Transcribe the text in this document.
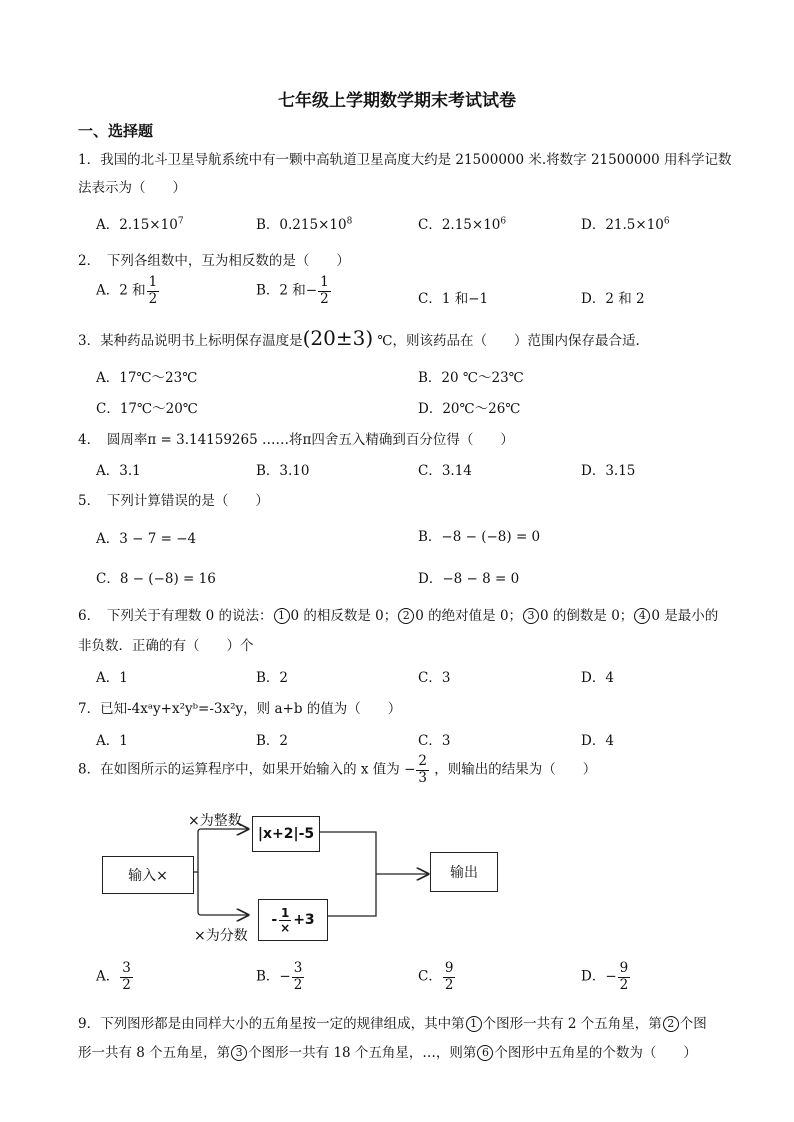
七年级上学期数学期末考试试卷
一、选择题
1．我国的北斗卫星导航系统中有一颗中高轨道卫星高度大约是 21500000 米.将数字 21500000 用科学记数
法表示为（　　）
A．$2.15\times 10^7$	B．$0.215\times 10^8$	C．$2.15\times 10^6$	D．$21.5\times 10^6$
2．　下列各组数中，互为相反数的是（　　）
A．2 和 $\frac{1}{2}$	B．2 和− $\frac{1}{2}$	C．1 和−1	D．2 和 2
3．某种药品说明书上标明保存温度是(20±3) ℃，则该药品在（　　）范围内保存最合适.
A．17℃～23℃	B．20 ℃～23℃
C．17℃～20℃	D．20℃～26℃
4．　圆周率π = 3.14159265 ……将π四舍五入精确到百分位得（　　）
A．3.1	B．3.10	C．3.14	D．3.15
5．　下列计算错误的是（　　）
A．3 − 7 = −4	B．−8 − (−8) = 0
C．8 − (−8) = 16	D．−8 − 8 = 0
6．　下列关于有理数 0 的说法： 1 0 的相反数是 0； 2 0 的绝对值是 0； 3 0 的倒数是 0； 4 0 是最小的
非负数．正确的有（　　）个
A．1	B．2	C．3	D．4
7．已知-4xᵃy+x²yᵇ=-3x²y，则 a+b 的值为（　　）
A．1	B．2	C．3	D．4
8．在如图所示的运算程序中，如果开始输入的 x 值为 − $\frac{2}{3}$ ，则输出的结果为（　　）
输入×
×为整数
|x+2|-5
×为分数
- $\frac{1}{\times} +3$
输出
A． $\frac{3}{2}$	B．− $\frac{3}{2}$	C． $\frac{9}{2}$	D．− $\frac{9}{2}$
9．下列图形都是由同样大小的五角星按一定的规律组成，其中第 1 个图形一共有 2 个五角星，第 2 个图
形一共有 8 个五角星，第 3 个图形一共有 18 个五角星，…，则第 6 个图形中五角星的个数为（　　）
